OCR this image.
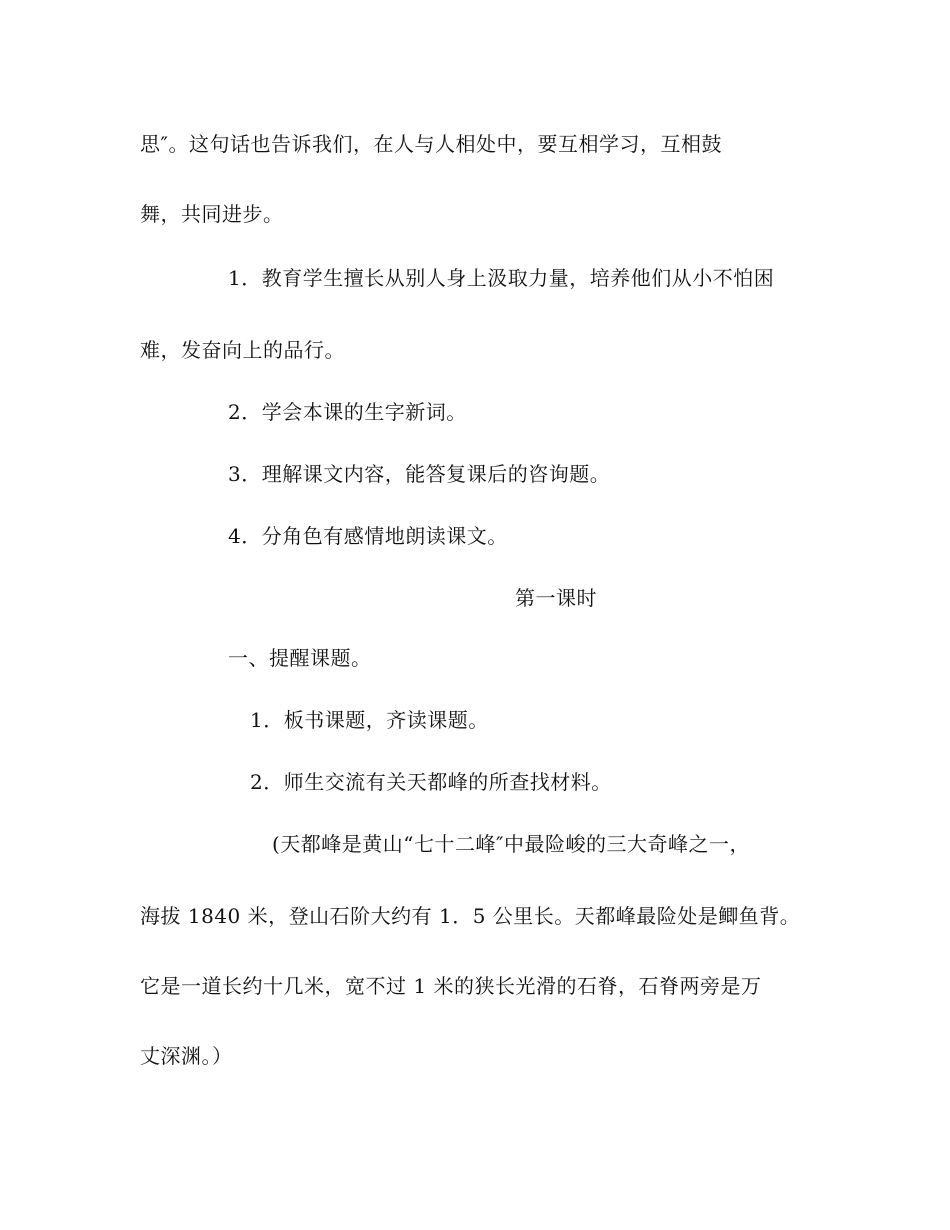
思″。这句话也告诉我们，在人与人相处中，要互相学习，互相鼓
舞，共同进步。
1．教育学生擅长从别人身上汲取力量，培养他们从小不怕困
难，发奋向上的品行。
2．学会本课的生字新词。
3．理解课文内容，能答复课后的咨询题。
4．分角色有感情地朗读课文。
第一课时
一、提醒课题。
1．板书课题，齐读课题。
2．师生交流有关天都峰的所查找材料。
(天都峰是黄山“七十二峰″中最险峻的三大奇峰之一，
海拔 1840 米，登山石阶大约有 1．5 公里长。天都峰最险处是鲫鱼背。
它是一道长约十几米，宽不过 1 米的狭长光滑的石脊，石脊两旁是万
丈深渊。）
